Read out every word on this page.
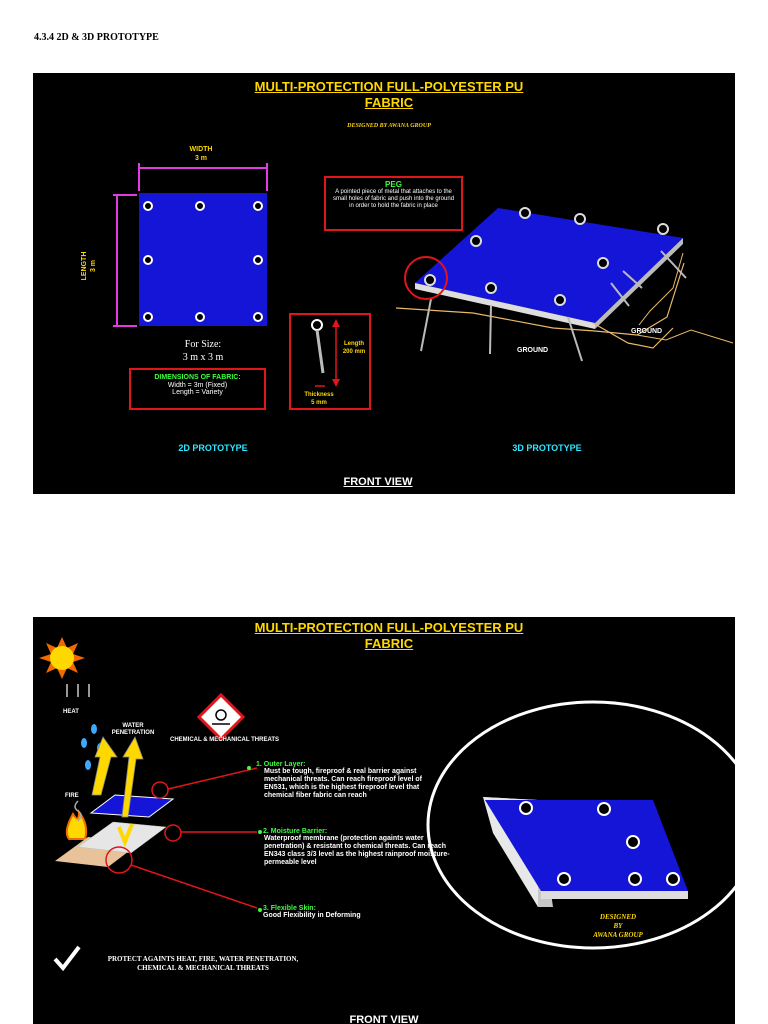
4.3.4 2D & 3D PROTOTYPE
MULTI-PROTECTION FULL-POLYESTER PU
FABRIC
DESIGNED BY AWANA GROUP
WIDTH
3 m
LENGTH 3 m
For Size:
3 m x 3 m
DIMENSIONS OF FABRIC:
Width = 3m (Fixed)
Length = Variety
PEG
A pointed piece of metal that attaches to the small holes of fabric and push into the ground in order to hold the fabric in place
Length
200 mm
Thickness
5 mm
GROUND
GROUND
2D PROTOTYPE	3D PROTOTYPE
FRONT VIEW
MULTI-PROTECTION FULL-POLYESTER PU
FABRIC
HEAT
WATER PENETRATION
FIRE
CHEMICAL & MECHANICAL THREATS
1. Outer Layer:
Must be tough, fireproof & real barrier against mechanical threats. Can reach fireproof level of EN531, which is the highest fireproof level that chemical fiber fabric can reach
2. Moisture Barrier:
Waterproof membrane (protection againts water penetration) & resistant to chemical threats. Can reach EN343 class 3/3 level as the highest rainproof moisture-permeable level
3. Flexible Skin:
Good Flexibility in Deforming
PROTECT AGAINTS HEAT, FIRE, WATER PENETRATION,
CHEMICAL & MECHANICAL THREATS
DESIGNED
BY
AWANA GROUP
FRONT VIEW
